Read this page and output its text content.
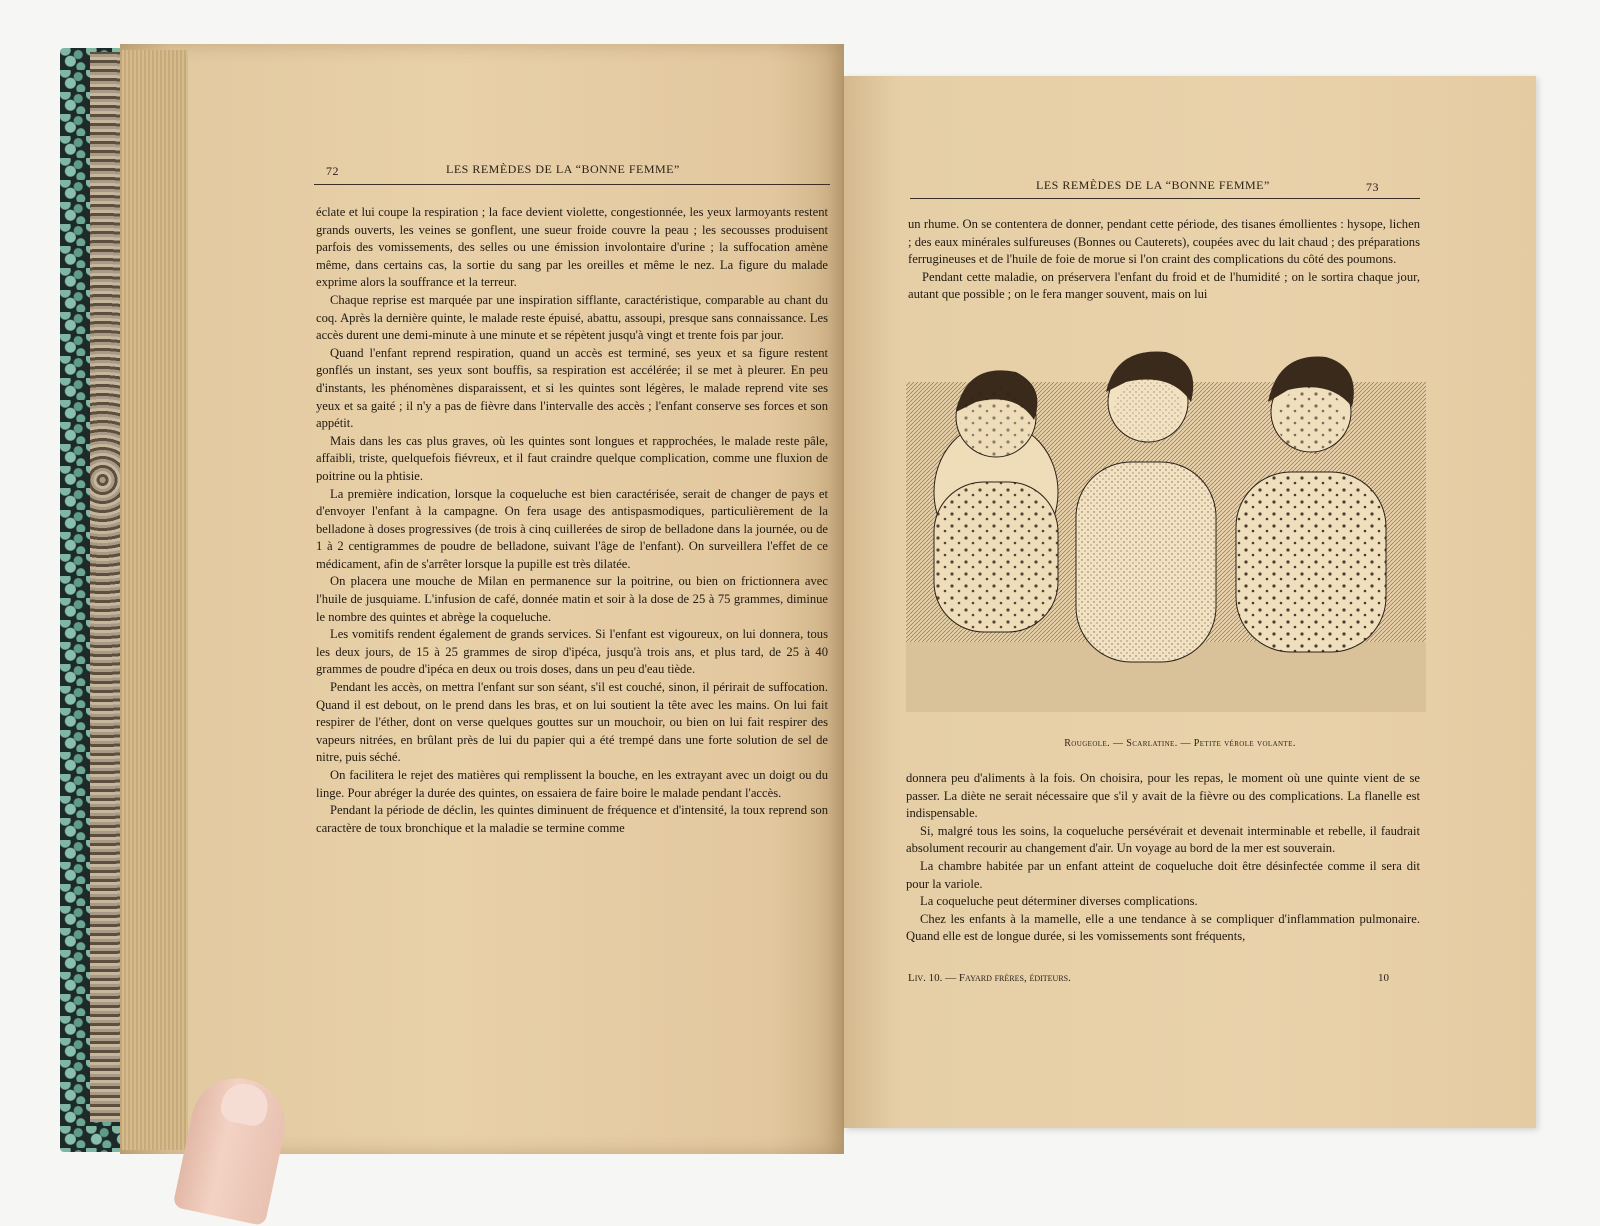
72	LES REMÈDES DE LA “BONNE FEMME”

éclate et lui coupe la respiration ; la face devient violette, congestionnée, les yeux larmoyants restent grands ouverts, les veines se gonflent, une sueur froide couvre la peau ; les secousses produisent parfois des vomissements, des selles ou une émission involontaire d'urine ; la suffocation amène même, dans certains cas, la sortie du sang par les oreilles et même le nez. La figure du malade exprime alors la souffrance et la terreur.

Chaque reprise est marquée par une inspiration sifflante, caractéristique, comparable au chant du coq. Après la dernière quinte, le malade reste épuisé, abattu, assoupi, presque sans connaissance. Les accès durent une demi-minute à une minute et se répètent jusqu'à vingt et trente fois par jour.

Quand l'enfant reprend respiration, quand un accès est terminé, ses yeux et sa figure restent gonflés un instant, ses yeux sont bouffis, sa respiration est accélérée; il se met à pleurer. En peu d'instants, les phénomènes disparaissent, et si les quintes sont légères, le malade reprend vite ses yeux et sa gaité ; il n'y a pas de fièvre dans l'intervalle des accès ; l'enfant conserve ses forces et son appétit.

Mais dans les cas plus graves, où les quintes sont longues et rapprochées, le malade reste pâle, affaibli, triste, quelquefois fiévreux, et il faut craindre quelque complication, comme une fluxion de poitrine ou la phtisie.

La première indication, lorsque la coqueluche est bien caractérisée, serait de changer de pays et d'envoyer l'enfant à la campagne. On fera usage des antispasmodiques, particulièrement de la belladone à doses progressives (de trois à cinq cuillerées de sirop de belladone dans la journée, ou de 1 à 2 centigrammes de poudre de belladone, suivant l'âge de l'enfant). On surveillera l'effet de ce médicament, afin de s'arrêter lorsque la pupille est très dilatée.

On placera une mouche de Milan en permanence sur la poitrine, ou bien on frictionnera avec l'huile de jusquiame. L'infusion de café, donnée matin et soir à la dose de 25 à 75 grammes, diminue le nombre des quintes et abrège la coqueluche.

Les vomitifs rendent également de grands services. Si l'enfant est vigoureux, on lui donnera, tous les deux jours, de 15 à 25 grammes de sirop d'ipéca, jusqu'à trois ans, et plus tard, de 25 à 40 grammes de poudre d'ipéca en deux ou trois doses, dans un peu d'eau tiède.

Pendant les accès, on mettra l'enfant sur son séant, s'il est couché, sinon, il périrait de suffocation. Quand il est debout, on le prend dans les bras, et on lui soutient la tête avec les mains. On lui fait respirer de l'éther, dont on verse quelques gouttes sur un mouchoir, ou bien on lui fait respirer des vapeurs nitrées, en brûlant près de lui du papier qui a été trempé dans une forte solution de sel de nitre, puis séché.

On facilitera le rejet des matières qui remplissent la bouche, en les extrayant avec un doigt ou du linge. Pour abréger la durée des quintes, on essaiera de faire boire le malade pendant l'accès.

Pendant la période de déclin, les quintes diminuent de fréquence et d'intensité, la toux reprend son caractère de toux bronchique et la maladie se termine comme

LES REMÈDES DE LA “BONNE FEMME”	73

un rhume. On se contentera de donner, pendant cette période, des tisanes émollientes : hysope, lichen ; des eaux minérales sulfureuses (Bonnes ou Cauterets), coupées avec du lait chaud ; des préparations ferrugineuses et de l'huile de foie de morue si l'on craint des complications du côté des poumons.

Pendant cette maladie, on préservera l'enfant du froid et de l'humidité ; on le sortira chaque jour, autant que possible ; on le fera manger souvent, mais on lui

Rougeole. — Scarlatine. — Petite vérole volante.

donnera peu d'aliments à la fois. On choisira, pour les repas, le moment où une quinte vient de se passer. La diète ne serait nécessaire que s'il y avait de la fièvre ou des complications. La flanelle est indispensable.

Si, malgré tous les soins, la coqueluche persévérait et devenait interminable et rebelle, il faudrait absolument recourir au changement d'air. Un voyage au bord de la mer est souverain.

La chambre habitée par un enfant atteint de coqueluche doit être désinfectée comme il sera dit pour la variole.

La coqueluche peut déterminer diverses complications.

Chez les enfants à la mamelle, elle a une tendance à se compliquer d'inflammation pulmonaire. Quand elle est de longue durée, si les vomissements sont fréquents,

Liv. 10. — Fayard frères, éditeurs.	10
